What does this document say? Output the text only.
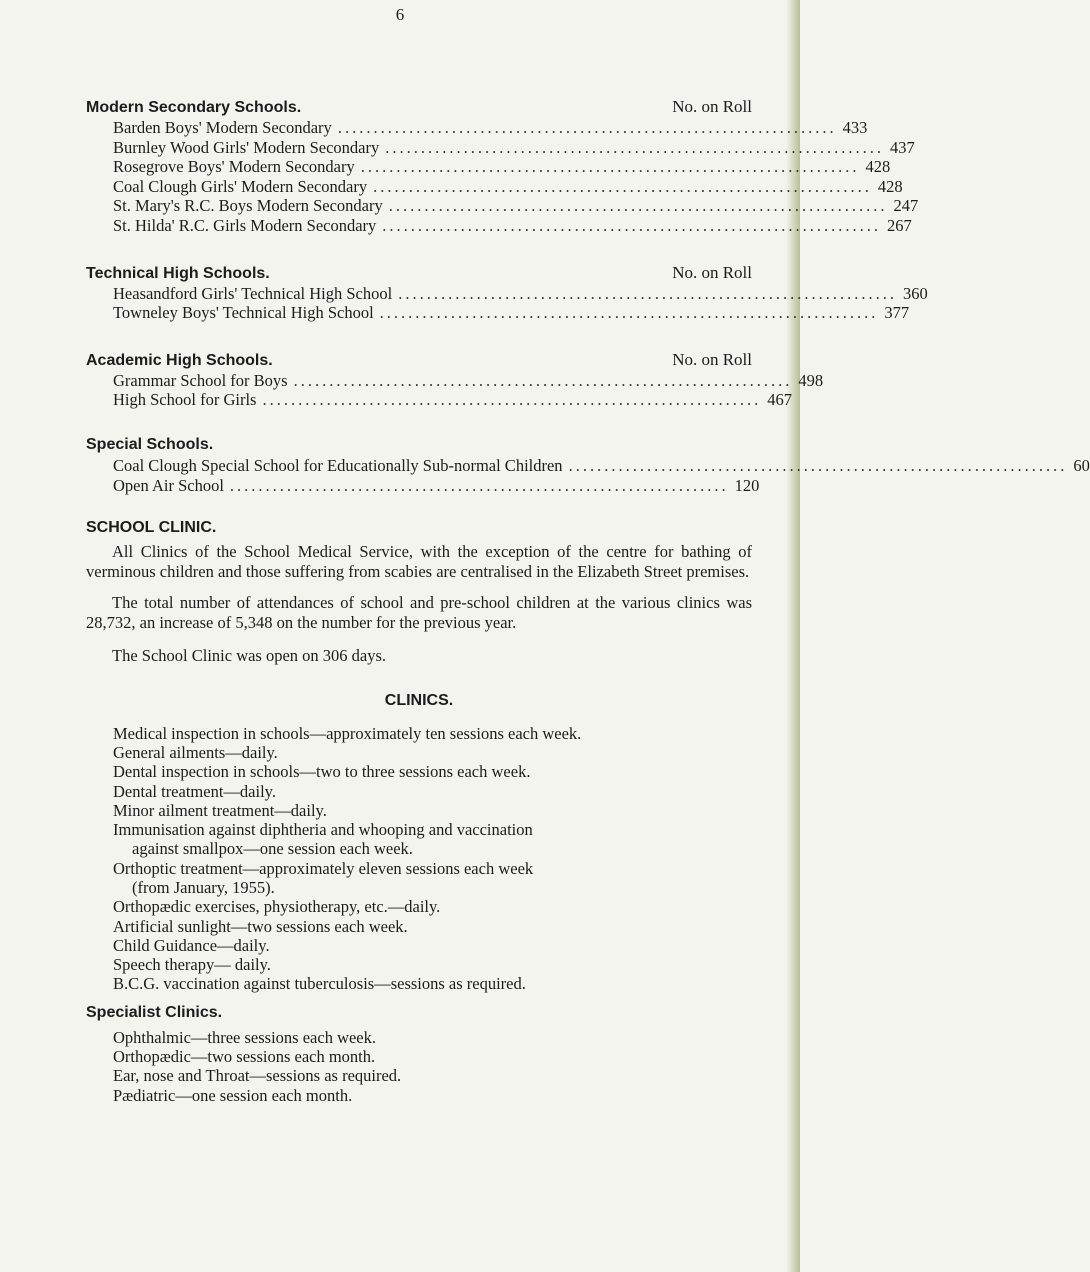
6
Modern Secondary Schools.	No. on Roll
Barden Boys' Modern Secondary ...................................................................... 433
Burnley Wood Girls' Modern Secondary ...................................................................... 437
Rosegrove Boys' Modern Secondary ...................................................................... 428
Coal Clough Girls' Modern Secondary ...................................................................... 428
St. Mary's R.C. Boys Modern Secondary ...................................................................... 247
St. Hilda' R.C. Girls Modern Secondary ...................................................................... 267
Technical High Schools.	No. on Roll
Heasandford Girls' Technical High School ...................................................................... 360
Towneley Boys' Technical High School ...................................................................... 377
Academic High Schools.	No. on Roll
Grammar School for Boys ...................................................................... 498
High School for Girls ...................................................................... 467
Special Schools.
Coal Clough Special School for Educationally Sub-normal Children ...................................................................... 60
Open Air School ...................................................................... 120
SCHOOL CLINIC.

All Clinics of the School Medical Service, with the exception of the centre for bathing of verminous children and those suffering from scabies are centralised in the Elizabeth Street premises.

The total number of attendances of school and pre-school children at the various clinics was 28,732, an increase of 5,348 on the number for the previous year.

The School Clinic was open on 306 days.

CLINICS.

Medical inspection in schools—approximately ten sessions each week.

General ailments—daily.

Dental inspection in schools—two to three sessions each week.

Dental treatment—daily.

Minor ailment treatment—daily.

Immunisation against diphtheria and whooping and vaccination

against smallpox—one session each week.

Orthoptic treatment—approximately eleven sessions each week

(from January, 1955).

Orthopædic exercises, physiotherapy, etc.—daily.

Artificial sunlight—two sessions each week.

Child Guidance—daily.

Speech therapy— daily.

B.C.G. vaccination against tuberculosis—sessions as required.

Specialist Clinics.

Ophthalmic—three sessions each week.

Orthopædic—two sessions each month.

Ear, nose and Throat—sessions as required.

Pædiatric—one session each month.
